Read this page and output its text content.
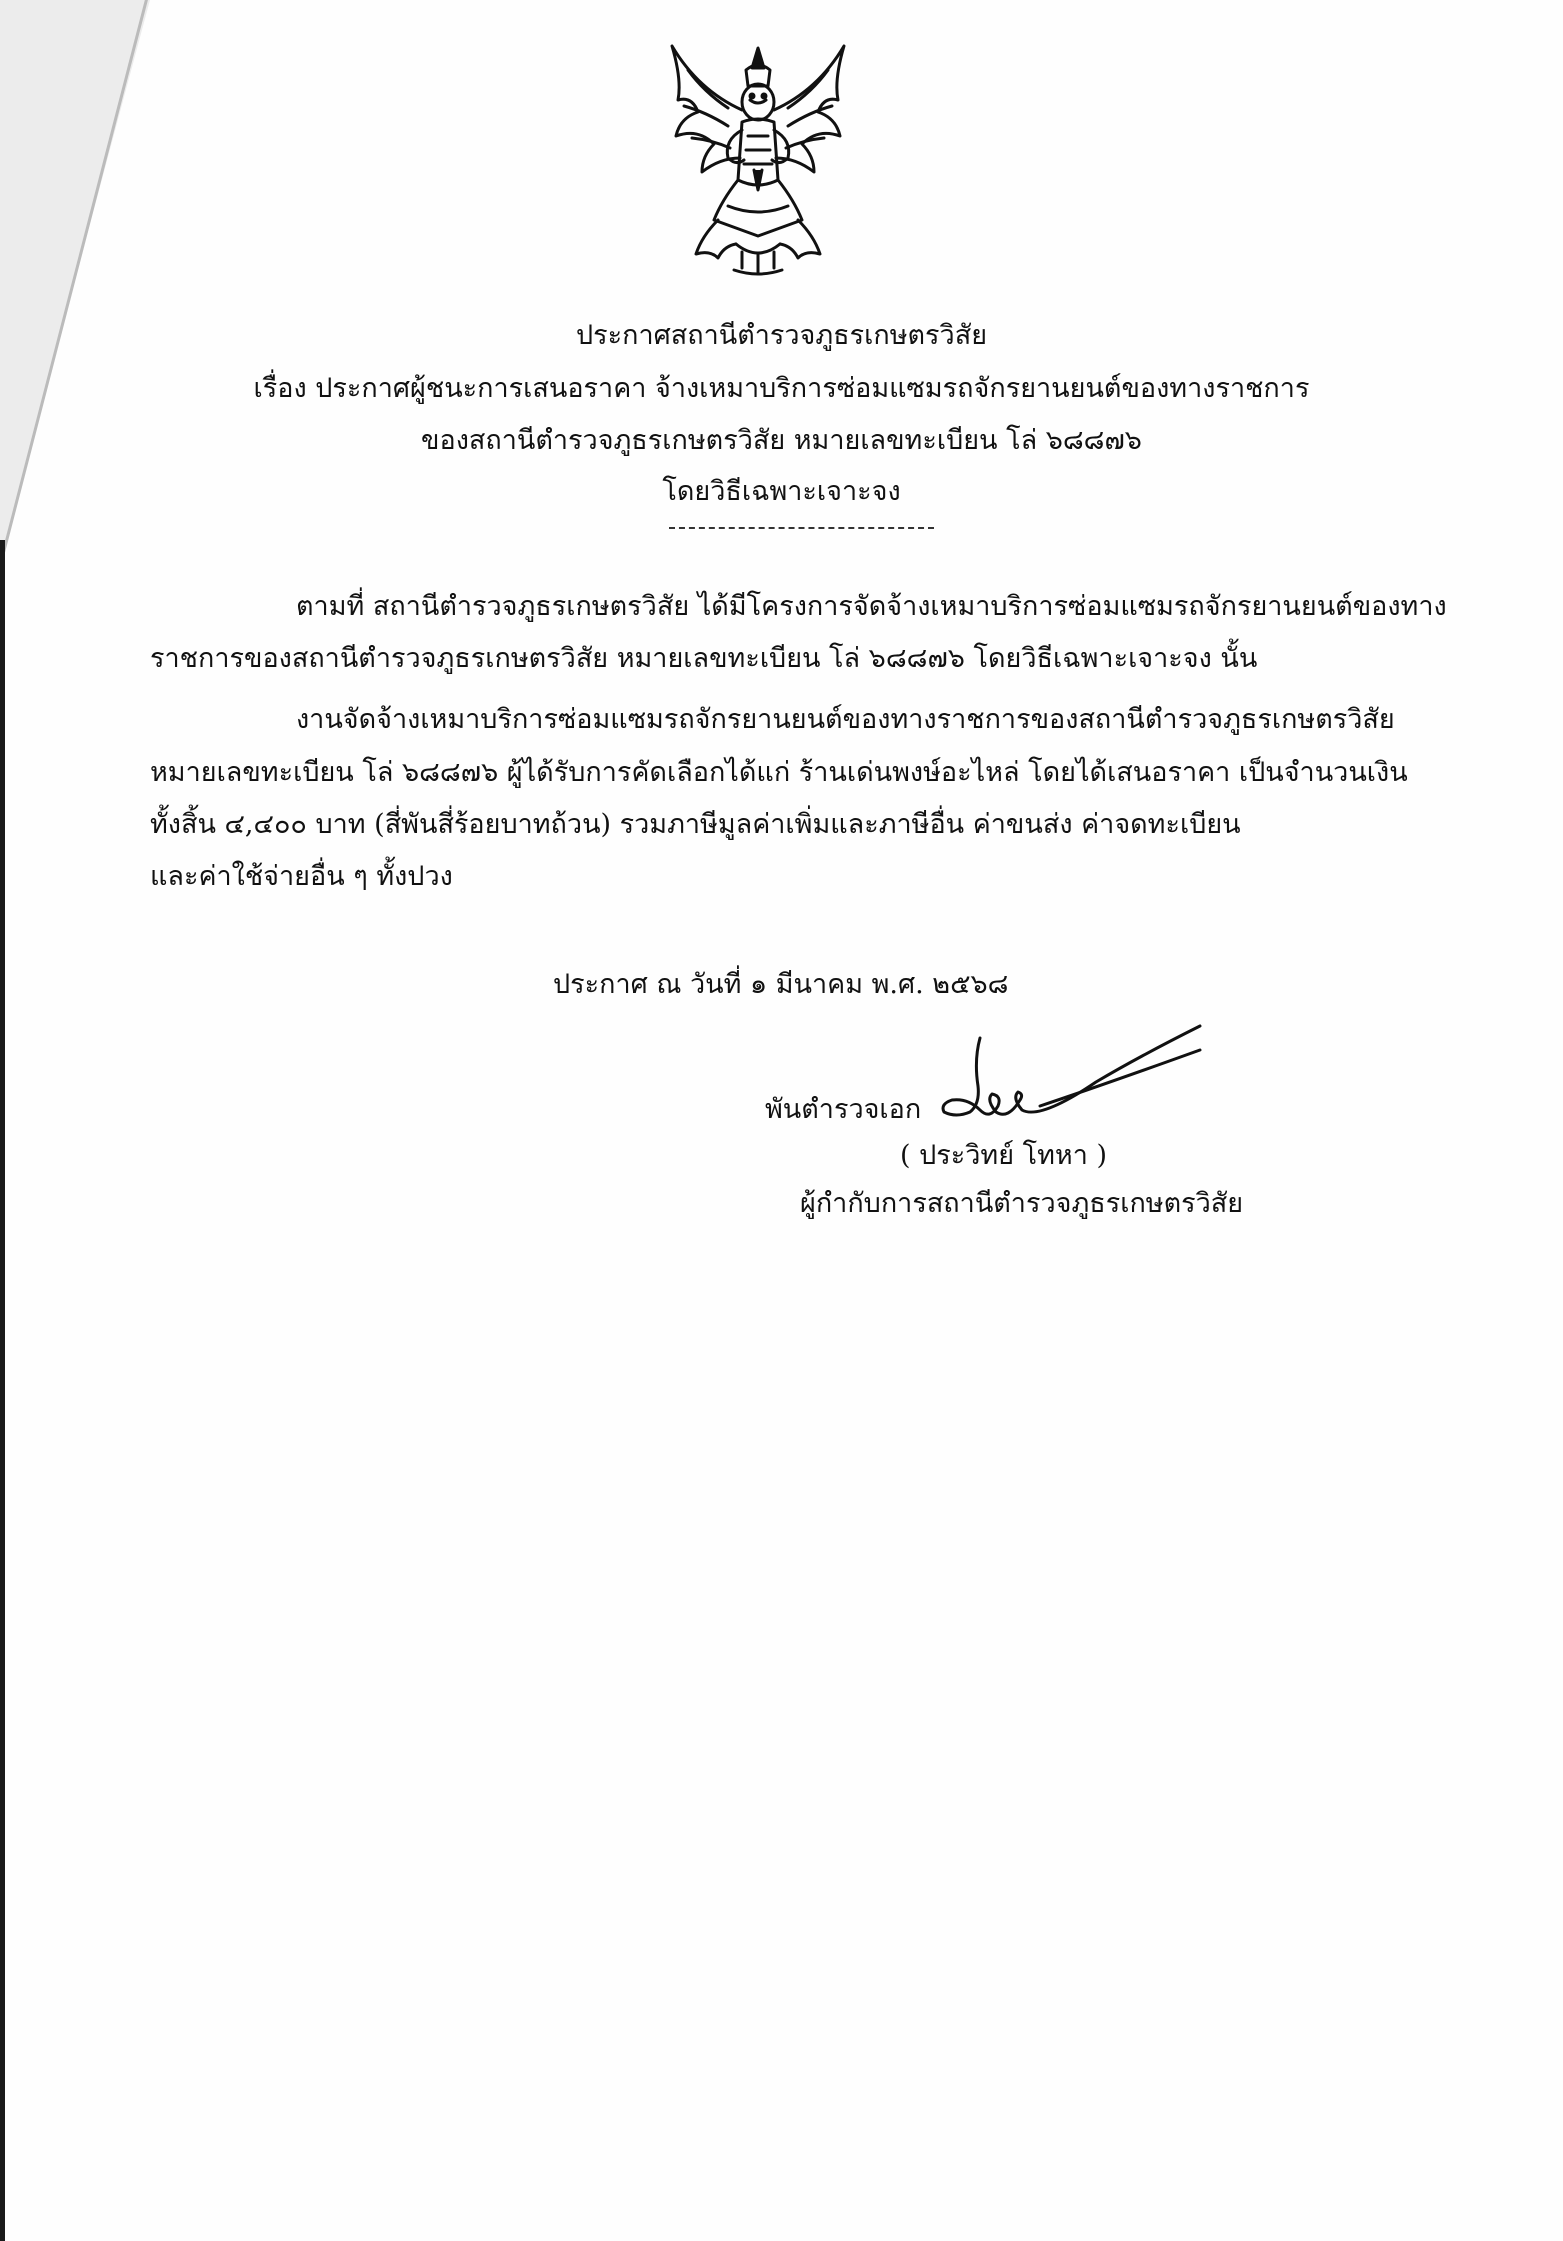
ประกาศสถานีตำรวจภูธรเกษตรวิสัย
เรื่อง ประกาศผู้ชนะการเสนอราคา จ้างเหมาบริการซ่อมแซมรถจักรยานยนต์ของทางราชการ
ของสถานีตำรวจภูธรเกษตรวิสัย หมายเลขทะเบียน โล่ ๖๘๘๗๖
โดยวิธีเฉพาะเจาะจง
ตามที่ สถานีตำรวจภูธรเกษตรวิสัย ได้มีโครงการจัดจ้างเหมาบริการซ่อมแซมรถจักรยานยนต์ของทาง
ราชการของสถานีตำรวจภูธรเกษตรวิสัย หมายเลขทะเบียน โล่ ๖๘๘๗๖ โดยวิธีเฉพาะเจาะจง นั้น
งานจัดจ้างเหมาบริการซ่อมแซมรถจักรยานยนต์ของทางราชการของสถานีตำรวจภูธรเกษตรวิสัย
หมายเลขทะเบียน โล่ ๖๘๘๗๖ ผู้ได้รับการคัดเลือกได้แก่ ร้านเด่นพงษ์อะไหล่ โดยได้เสนอราคา เป็นจำนวนเงิน
ทั้งสิ้น ๔,๔๐๐ บาท (สี่พันสี่ร้อยบาทถ้วน) รวมภาษีมูลค่าเพิ่มและภาษีอื่น ค่าขนส่ง ค่าจดทะเบียน
และค่าใช้จ่ายอื่น ๆ ทั้งปวง
ประกาศ ณ วันที่ ๑ มีนาคม พ.ศ. ๒๕๖๘
พันตำรวจเอก
( ประวิทย์ โทหา )
ผู้กำกับการสถานีตำรวจภูธรเกษตรวิสัย
